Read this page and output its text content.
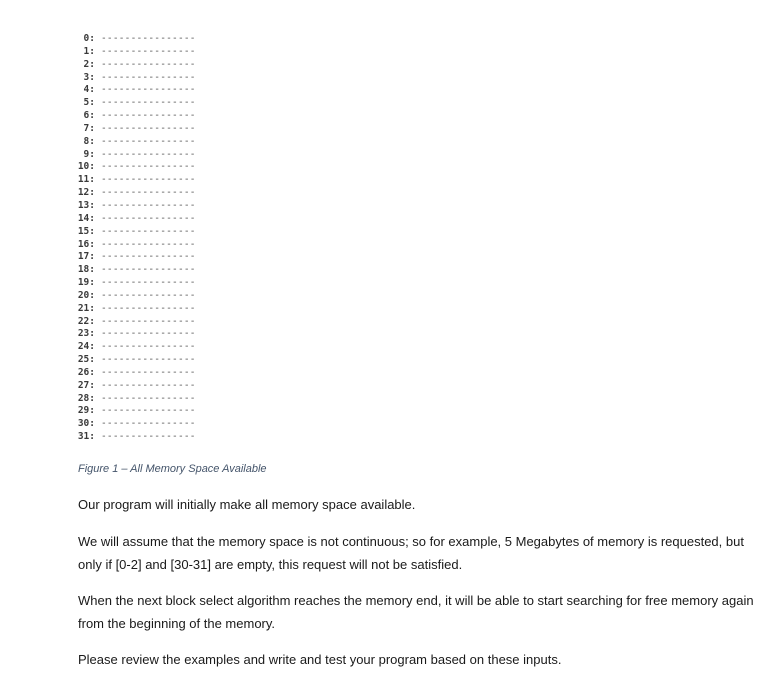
0: ----------------
1: ----------------
2: ----------------
3: ----------------
4: ----------------
5: ----------------
6: ----------------
7: ----------------
8: ----------------
9: ----------------
10: ----------------
11: ----------------
12: ----------------
13: ----------------
14: ----------------
15: ----------------
16: ----------------
17: ----------------
18: ----------------
19: ----------------
20: ----------------
21: ----------------
22: ----------------
23: ----------------
24: ----------------
25: ----------------
26: ----------------
27: ----------------
28: ----------------
29: ----------------
30: ----------------
31: ----------------

Figure 1 – All Memory Space Available

Our program will initially make all memory space available.

We will assume that the memory space is not continuous; so for example, 5 Megabytes of memory is requested, but only if [0-2] and [30-31] are empty, this request will not be satisfied.

When the next block select algorithm reaches the memory end, it will be able to start searching for free memory again from the beginning of the memory.

Please review the examples and write and test your program based on these inputs.
